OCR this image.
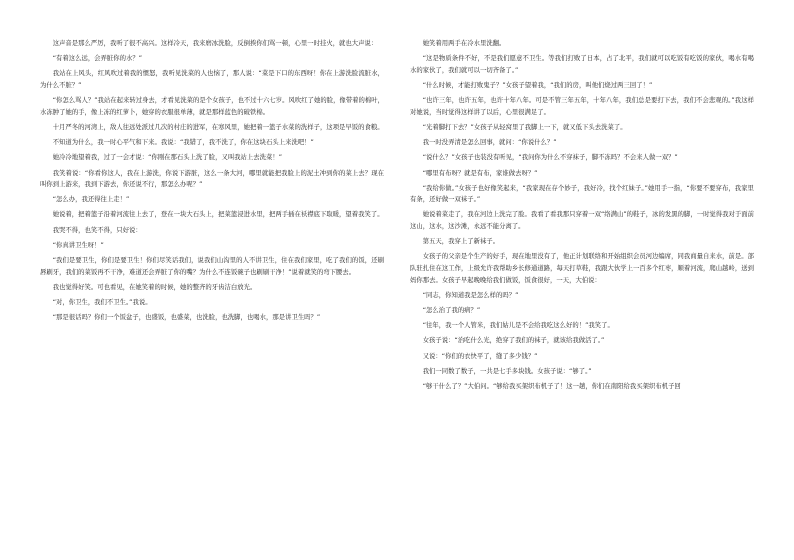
这声音是那么严厉，我听了很不高兴。这样冷天，我来磨冰洗脸，反倒挨你们骂一顿，心里一时挂火，就也大声说：

“有着这么远，会弄脏你的水？”

我站在上风头，红风吹过着我的惯怒，我听见洗菜的人也恼了，那人说：“菜是下口的东西呀！你在上游洗脸流脏水，为什么不脏？”

“你怎么骂人？”我站在起来转过身去，才看见洗菜的是个女孩子，也不过十六七岁。风吹红了她的脸，像带着的棉叶，水冻肿了她的手，像上冻的红萝卜，她穿的衣服很单薄，就是那样蓝色的破铁棉。

十月严冬的河湾上，敌人往远处派过几次的村庄的进军，在寒风里，她把着一篮子水菜的洗样子，这项是早饭的食粮。

不知道为什么，我一时心平气和下来。我说：“我错了，我不洗了，你在这块石头上来洗吧！”

她冷冷地望着我，过了一会才说：“你刚在那石头上洗了脸，又叫我站上去洗菜！”

我笑着说：“你看你这人，我在上游洗，你说下游脏，这么一条大河，哪里就能把我脸上的泥土冲到你的菜上去？现在叫你到上游来，我到下游去，你还说不行，那怎么办呢？”

“怎么办，我还得往上走！”

她说着，把着篮子沿着河流往上去了，登在一块大石头上，把菜篮浸进水里，把两手插在袄襟底下取暖，望着我笑了。

我哭不得，也笑不得，只好说：

“你真讲卫生呀！”

“我们是要卫生，你们是要卫生！你们尽笑话我们，说我们山沟里的人不讲卫生，住在我们家里，吃了我们的饭，还刷唇刷牙，我们的菜饭再不干净，难道还会弄脏了你的嘴？为什么不连饭碗子也刷刷干净！”说着就笑的弯下腰去。

我也觉得好笑。可也看见，在她笑着的时候，她的整齐的牙齿洁白放光。

“对，你卫生，我们不卫生。”我说。

“那是很话吗？你们一个饭盆子，也盛饭，也盛菜，也洗脸，也洗脚，也喝水，那是讲卫生吗？”

她笑着用两手在冷水里洗翻。

“这是物质条件不好，不是我们愿意不卫生。等我们打败了日本，占了北平，我们就可以吃饭有吃饭的家伙，喝水有喝水的家伙了，我们就可以一切齐备了。”

“什么时候，才能打败鬼子？”女孩子望着我，“我们的房，叫他们烧过两三回了！”

“也许三年，也许五年，也许十年八年。可是不管三年五年，十年八年，我们总是要打下去，我们不会悲观的。”我这样对她说，当时觉得这样讲了以后，心里很满足了。

“光着脚打下去？”女孩子从轻窝里了我脚上一下，就又低下头去洗菜了。

我一时没弄清是怎么回事，就问：“你说什么？”

“说什么？”女孩子也装没有听见，“我问你为什么不穿袜子，脚不冻吗？不会来人做一双？”

“哪里有布呀？就是有布，家谁做去呀？”

“我给你做。”女孩子也好像笑起来，“我家现在存个妙子，我好冷，找个红妹子。”她用手一指，“你要不要穿布，我家里有条，还好做一双袜子。”

她说着菜走了，我在河边上洗完了脸。我看了看我那只穿着一双“络满山”的鞋子，冰的发黑的脚，一时觉得我对于面前这山，这水，这沙滩，永远不能分离了。

第五天，我穿上了新袜子。

女孩子的父亲是个生产的好手，现在地里没有了，他正计划联络和开始组织会员河边编席，同我商量自来水，前是。部队驻扎住在这工作，上级允许我帮助乡长修通道路，每天打草鞋，我跟大伙学上一百多个红枣，顺着河流，爬山越岭，送到妈你那去。女孩子早起晚晚给我们做饭，饭食很好，一天，大伯说：

“同志，你知道我是怎么样的吗？”

“怎么治了我的病？”

“往年，我一个人管米，我们姑儿是不会给我吃这么好的！”我笑了。

女孩子说：“治吃什么光，绝穿了我们的袜子，就该给我做活了。”

又说：“你们的衣快平了，缝了多少钱？”

我们一同数了数子，一共是七手多块钱。女孩子说：“够了。”

“够干什么了？”大伯问。“够给我买架织布机子了！这一趟，你们在南阳给我买架织布机子回
